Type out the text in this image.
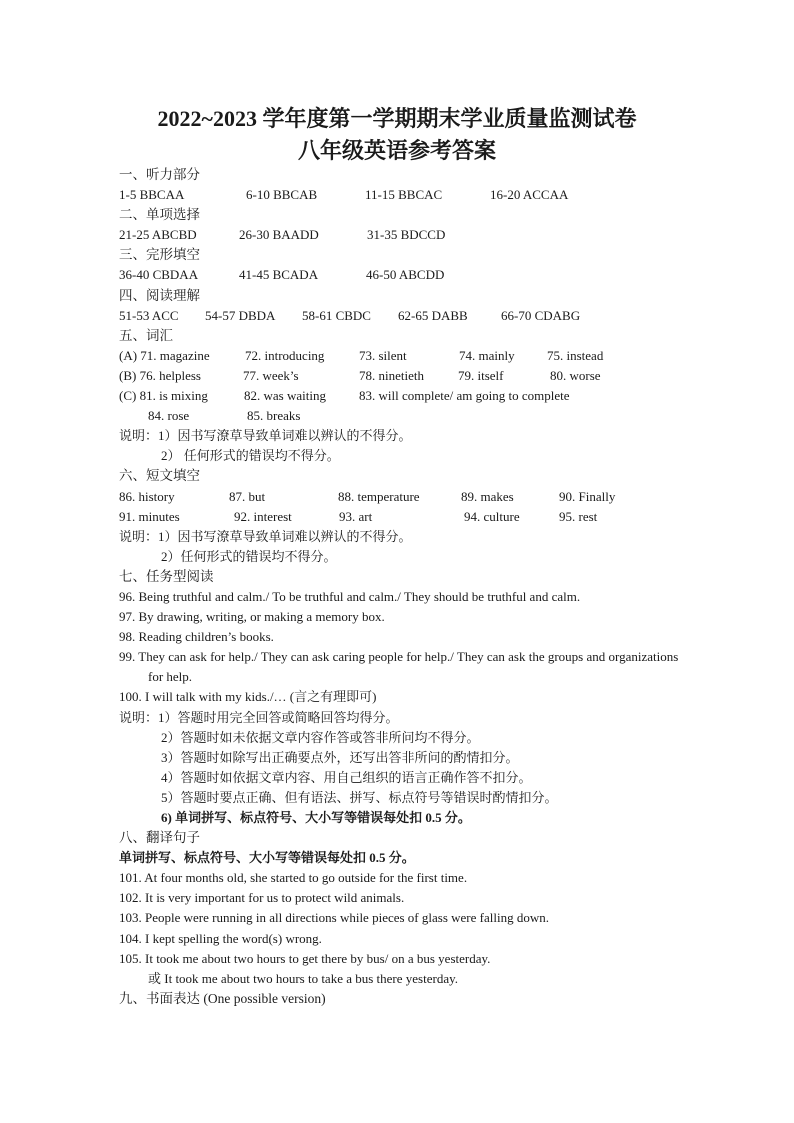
2022~2023 学年度第一学期期末学业质量监测试卷
八年级英语参考答案
一、听力部分
1-5 BBCAA	6-10 BBCAB	11-15 BBCAC	16-20 ACCAA
二、单项选择
21-25 ABCBD	26-30 BAADD	31-35 BDCCD
三、完形填空
36-40 CBDAA	41-45 BCADA	46-50 ABCDD
四、阅读理解
51-53 ACC 54-57 DBDA 58-61 CBDC 62-65 DABB	66-70 CDABG
五、词汇
(A) 71. magazine	72. introducing	73. silent	74. mainly 75. instead
(B) 76. helpless	77. week’s	78. ninetieth	79. itself	80. worse
(C) 81. is mixing	82. was waiting	83. will complete/ am going to complete
84. rose	85. breaks
说明：1）因书写潦草导致单词难以辨认的不得分。
2） 任何形式的错误均不得分。
六、短文填空
86. history	87. but	88. temperature	89. makes	90. Finally
91. minutes	92. interest	93. art	94. culture	95. rest
说明：1）因书写潦草导致单词难以辨认的不得分。
2）任何形式的错误均不得分。
七、任务型阅读
96. Being truthful and calm./ To be truthful and calm./ They should be truthful and calm.
97. By drawing, writing, or making a memory box.
98. Reading children’s books.
99. They can ask for help./ They can ask caring people for help./ They can ask the groups and organizations for help.
100. I will talk with my kids./… (言之有理即可)
说明：1）答题时用完全回答或简略回答均得分。
2）答题时如未依据文章内容作答或答非所问均不得分。
3）答题时如除写出正确要点外，还写出答非所问的酌情扣分。
4）答题时如依据文章内容、用自己组织的语言正确作答不扣分。
5）答题时要点正确、但有语法、拼写、标点符号等错误时酌情扣分。
6) 单词拼写、标点符号、大小写等错误每处扣 0.5 分。
八、翻译句子
单词拼写、标点符号、大小写等错误每处扣 0.5 分。
101. At four months old, she started to go outside for the first time.
102. It is very important for us to protect wild animals.
103. People were running in all directions while pieces of glass were falling down.
104. I kept spelling the word(s) wrong.
105. It took me about two hours to get there by bus/ on a bus yesterday.
或 It took me about two hours to take a bus there yesterday.
九、书面表达 (One possible version)
